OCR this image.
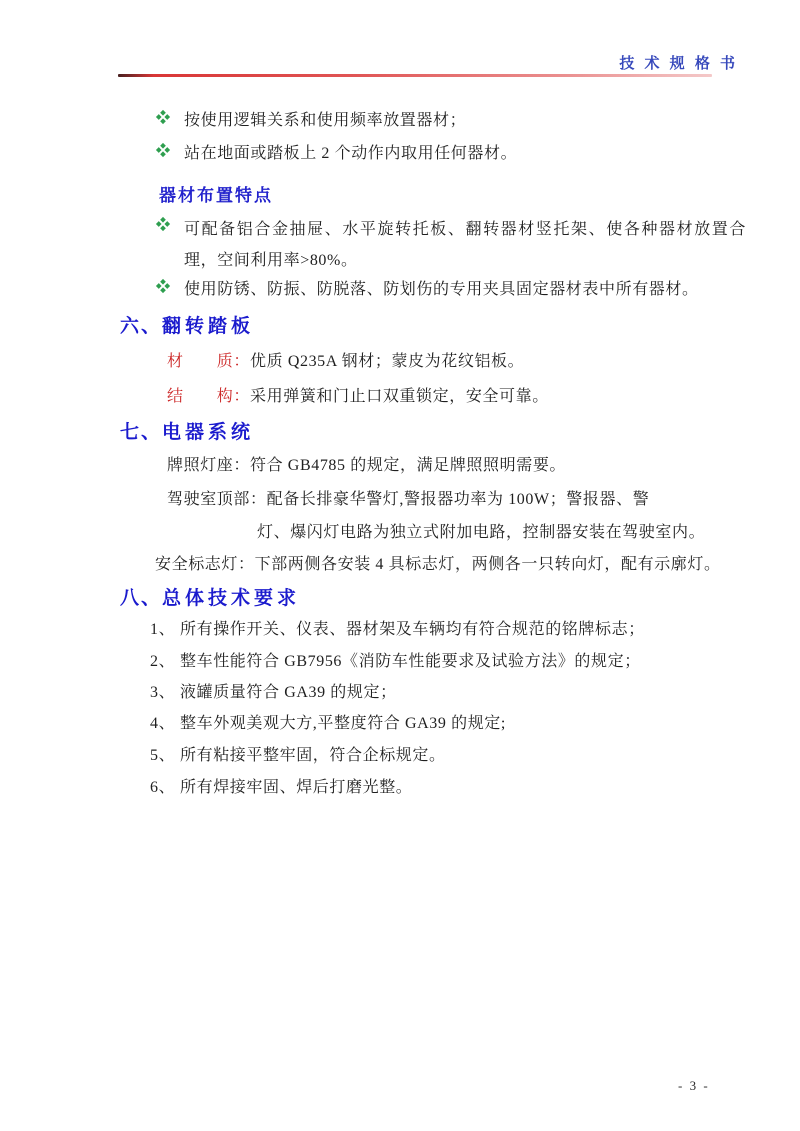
技 术 规 格 书
按使用逻辑关系和使用频率放置器材；
站在地面或踏板上 2 个动作内取用任何器材。
器材布置特点
可配备铝合金抽屉、水平旋转托板、翻转器材竖托架、使各种器材放置合理，空间利用率>80%。
使用防锈、防振、防脱落、防划伤的专用夹具固定器材表中所有器材。
六、翻转踏板
材　　质：优质 Q235A 钢材；蒙皮为花纹铝板。
结　　构：采用弹簧和门止口双重锁定，安全可靠。
七、电器系统
牌照灯座：符合 GB4785 的规定，满足牌照照明需要。
驾驶室顶部：配备长排豪华警灯,警报器功率为 100W；警报器、警
灯、爆闪灯电路为独立式附加电路，控制器安装在驾驶室内。
安全标志灯：下部两侧各安装 4 具标志灯，两侧各一只转向灯，配有示廓灯。
八、总体技术要求
1、 所有操作开关、仪表、器材架及车辆均有符合规范的铭牌标志；
2、 整车性能符合 GB7956《消防车性能要求及试验方法》的规定；
3、 液罐质量符合 GA39 的规定；
4、 整车外观美观大方,平整度符合 GA39 的规定;
5、 所有粘接平整牢固，符合企标规定。
6、 所有焊接牢固、焊后打磨光整。
- 3 -
